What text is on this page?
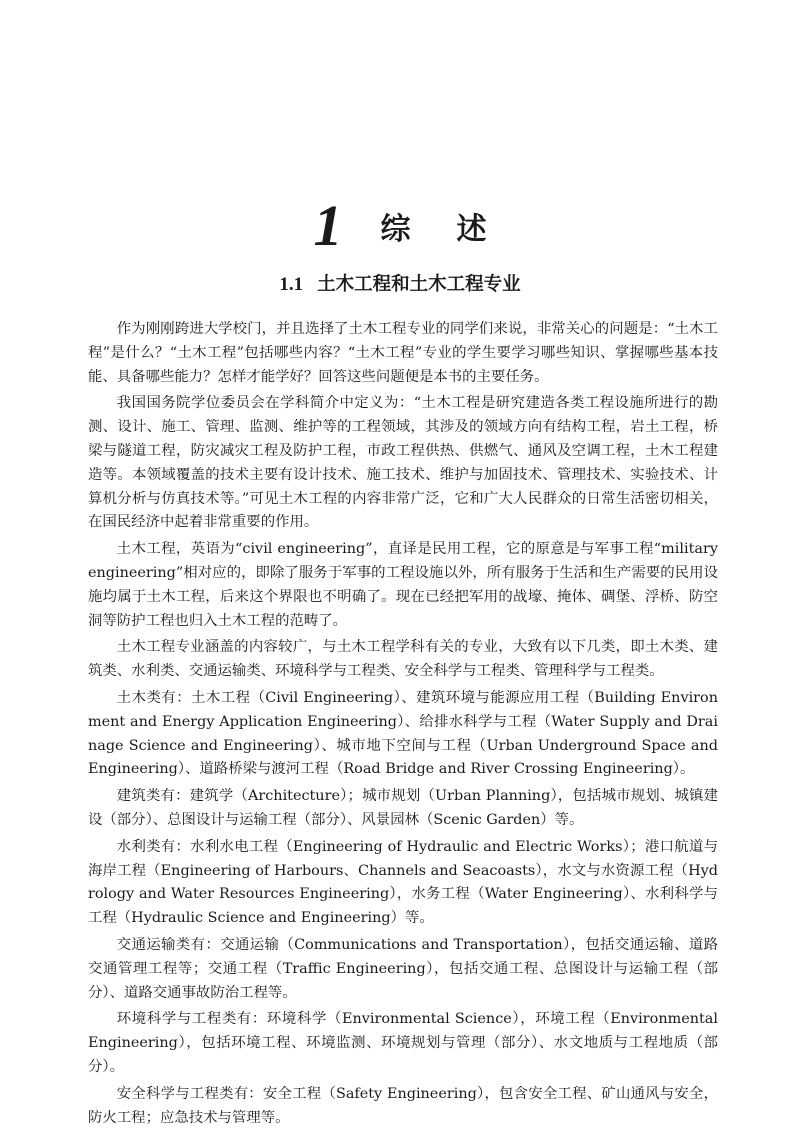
1 综述
1.1 土木工程和土木工程专业

作为刚刚跨进大学校门，并且选择了土木工程专业的同学们来说，非常关心的问题是：“土木工程”是什么？“土木工程”包括哪些内容？“土木工程”专业的学生要学习哪些知识、掌握哪些基本技能、具备哪些能力？怎样才能学好？回答这些问题便是本书的主要任务。

我国国务院学位委员会在学科简介中定义为：“土木工程是研究建造各类工程设施所进行的勘测、设计、施工、管理、监测、维护等的工程领域，其涉及的领域方向有结构工程，岩土工程，桥梁与隧道工程，防灾减灾工程及防护工程，市政工程供热、供燃气、通风及空调工程，土木工程建造等。本领域覆盖的技术主要有设计技术、施工技术、维护与加固技术、管理技术、实验技术、计算机分析与仿真技术等。”可见土木工程的内容非常广泛，它和广大人民群众的日常生活密切相关，在国民经济中起着非常重要的作用。

土木工程，英语为“civil engineering”，直译是民用工程，它的原意是与军事工程“military engineering”相对应的，即除了服务于军事的工程设施以外，所有服务于生活和生产需要的民用设施均属于土木工程，后来这个界限也不明确了。现在已经把军用的战壕、掩体、碉堡、浮桥、防空洞等防护工程也归入土木工程的范畴了。

土木工程专业涵盖的内容较广，与土木工程学科有关的专业，大致有以下几类，即土木类、建筑类、水利类、交通运输类、环境科学与工程类、安全科学与工程类、管理科学与工程类。

土木类有：土木工程（Civil Engineering）、建筑环境与能源应用工程（Building Environment and Energy Application Engineering）、给排水科学与工程（Water Supply and Drainage Science and Engineering）、城市地下空间与工程（Urban Underground Space and Engineering）、道路桥梁与渡河工程（Road Bridge and River Crossing Engineering）。

建筑类有：建筑学（Architecture）；城市规划（Urban Planning），包括城市规划、城镇建设（部分）、总图设计与运输工程（部分）、风景园林（Scenic Garden）等。

水利类有：水利水电工程（Engineering of Hydraulic and Electric Works）；港口航道与海岸工程（Engineering of Harbours、Channels and Seacoasts），水文与水资源工程（Hydrology and Water Resources Engineering），水务工程（Water Engineering）、水利科学与工程（Hydraulic Science and Engineering）等。

交通运输类有：交通运输（Communications and Transportation），包括交通运输、道路交通管理工程等；交通工程（Traffic Engineering），包括交通工程、总图设计与运输工程（部分）、道路交通事故防治工程等。

环境科学与工程类有：环境科学（Environmental Science），环境工程（Environmental Engineering），包括环境工程、环境监测、环境规划与管理（部分）、水文地质与工程地质（部分）。

安全科学与工程类有：安全工程（Safety Engineering），包含安全工程、矿山通风与安全，防火工程；应急技术与管理等。
